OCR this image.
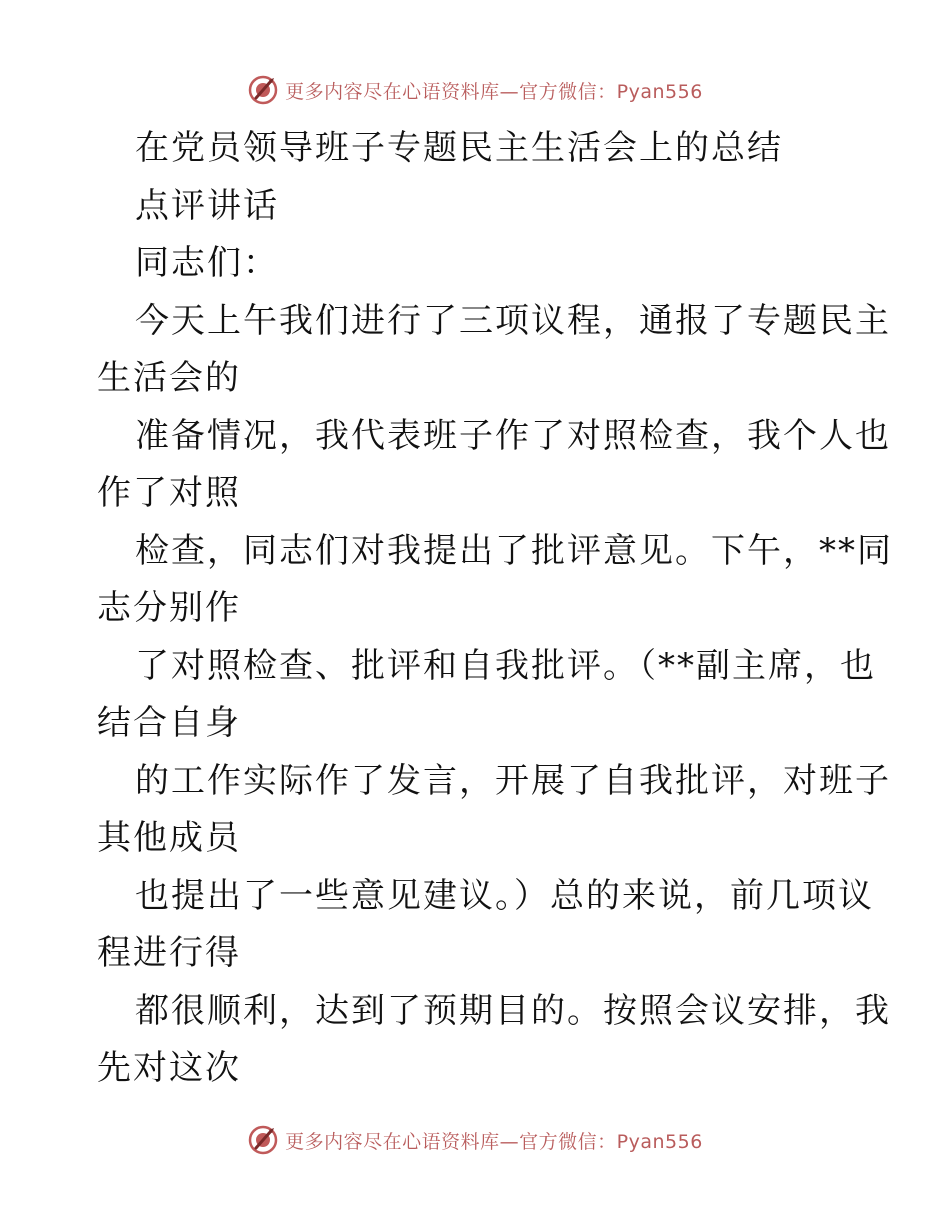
更多内容尽在心语资料库—官方微信：Pyan556
在党员领导班子专题民主生活会上的总结
点评讲话
同志们：
今天上午我们进行了三项议程，通报了专题民主
生活会的
准备情况，我代表班子作了对照检查，我个人也
作了对照
检查，同志们对我提出了批评意见。下午，**同
志分别作
了对照检查、批评和自我批评。（**副主席，也
结合自身
的工作实际作了发言，开展了自我批评，对班子
其他成员
也提出了一些意见建议。）总的来说，前几项议
程进行得
都很顺利，达到了预期目的。按照会议安排，我
先对这次
更多内容尽在心语资料库—官方微信：Pyan556
